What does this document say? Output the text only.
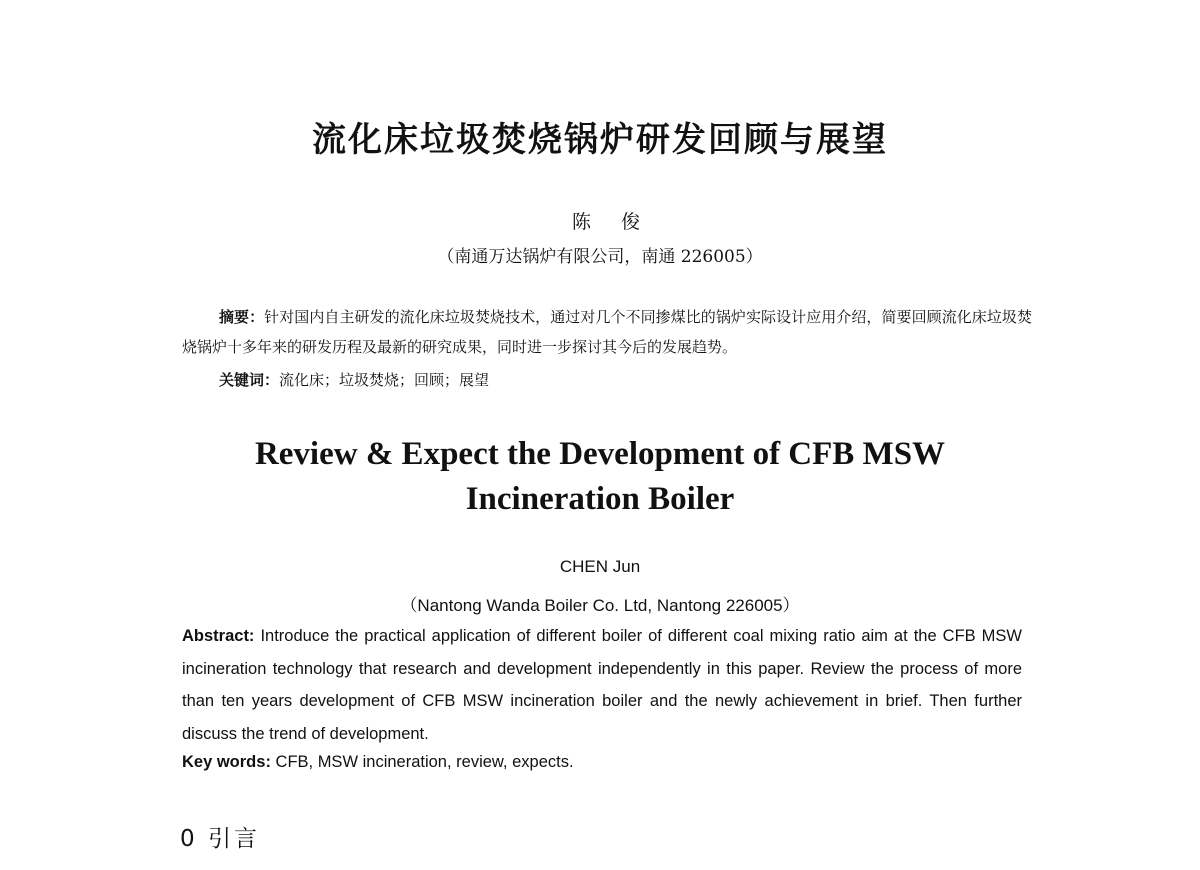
流化床垃圾焚烧锅炉研发回顾与展望
陈 俊
（南通万达锅炉有限公司，南通 226005）
摘要：针对国内自主研发的流化床垃圾焚烧技术，通过对几个不同掺煤比的锅炉实际设计应用介绍，简要回顾流化床垃圾焚烧锅炉十多年来的研发历程及最新的研究成果，同时进一步探讨其今后的发展趋势。
关键词：流化床；垃圾焚烧；回顾；展望
Review & Expect the Development of CFB MSW
Incineration Boiler
CHEN Jun
（Nantong Wanda Boiler Co. Ltd, Nantong 226005）
Abstract: Introduce the practical application of different boiler of different coal mixing ratio aim at the CFB MSW incineration technology that research and development independently in this paper. Review the process of more than ten years development of CFB MSW incineration boiler and the newly achievement in brief. Then further discuss the trend of development.
Key words: CFB, MSW incineration, review, expects.
0 引言
